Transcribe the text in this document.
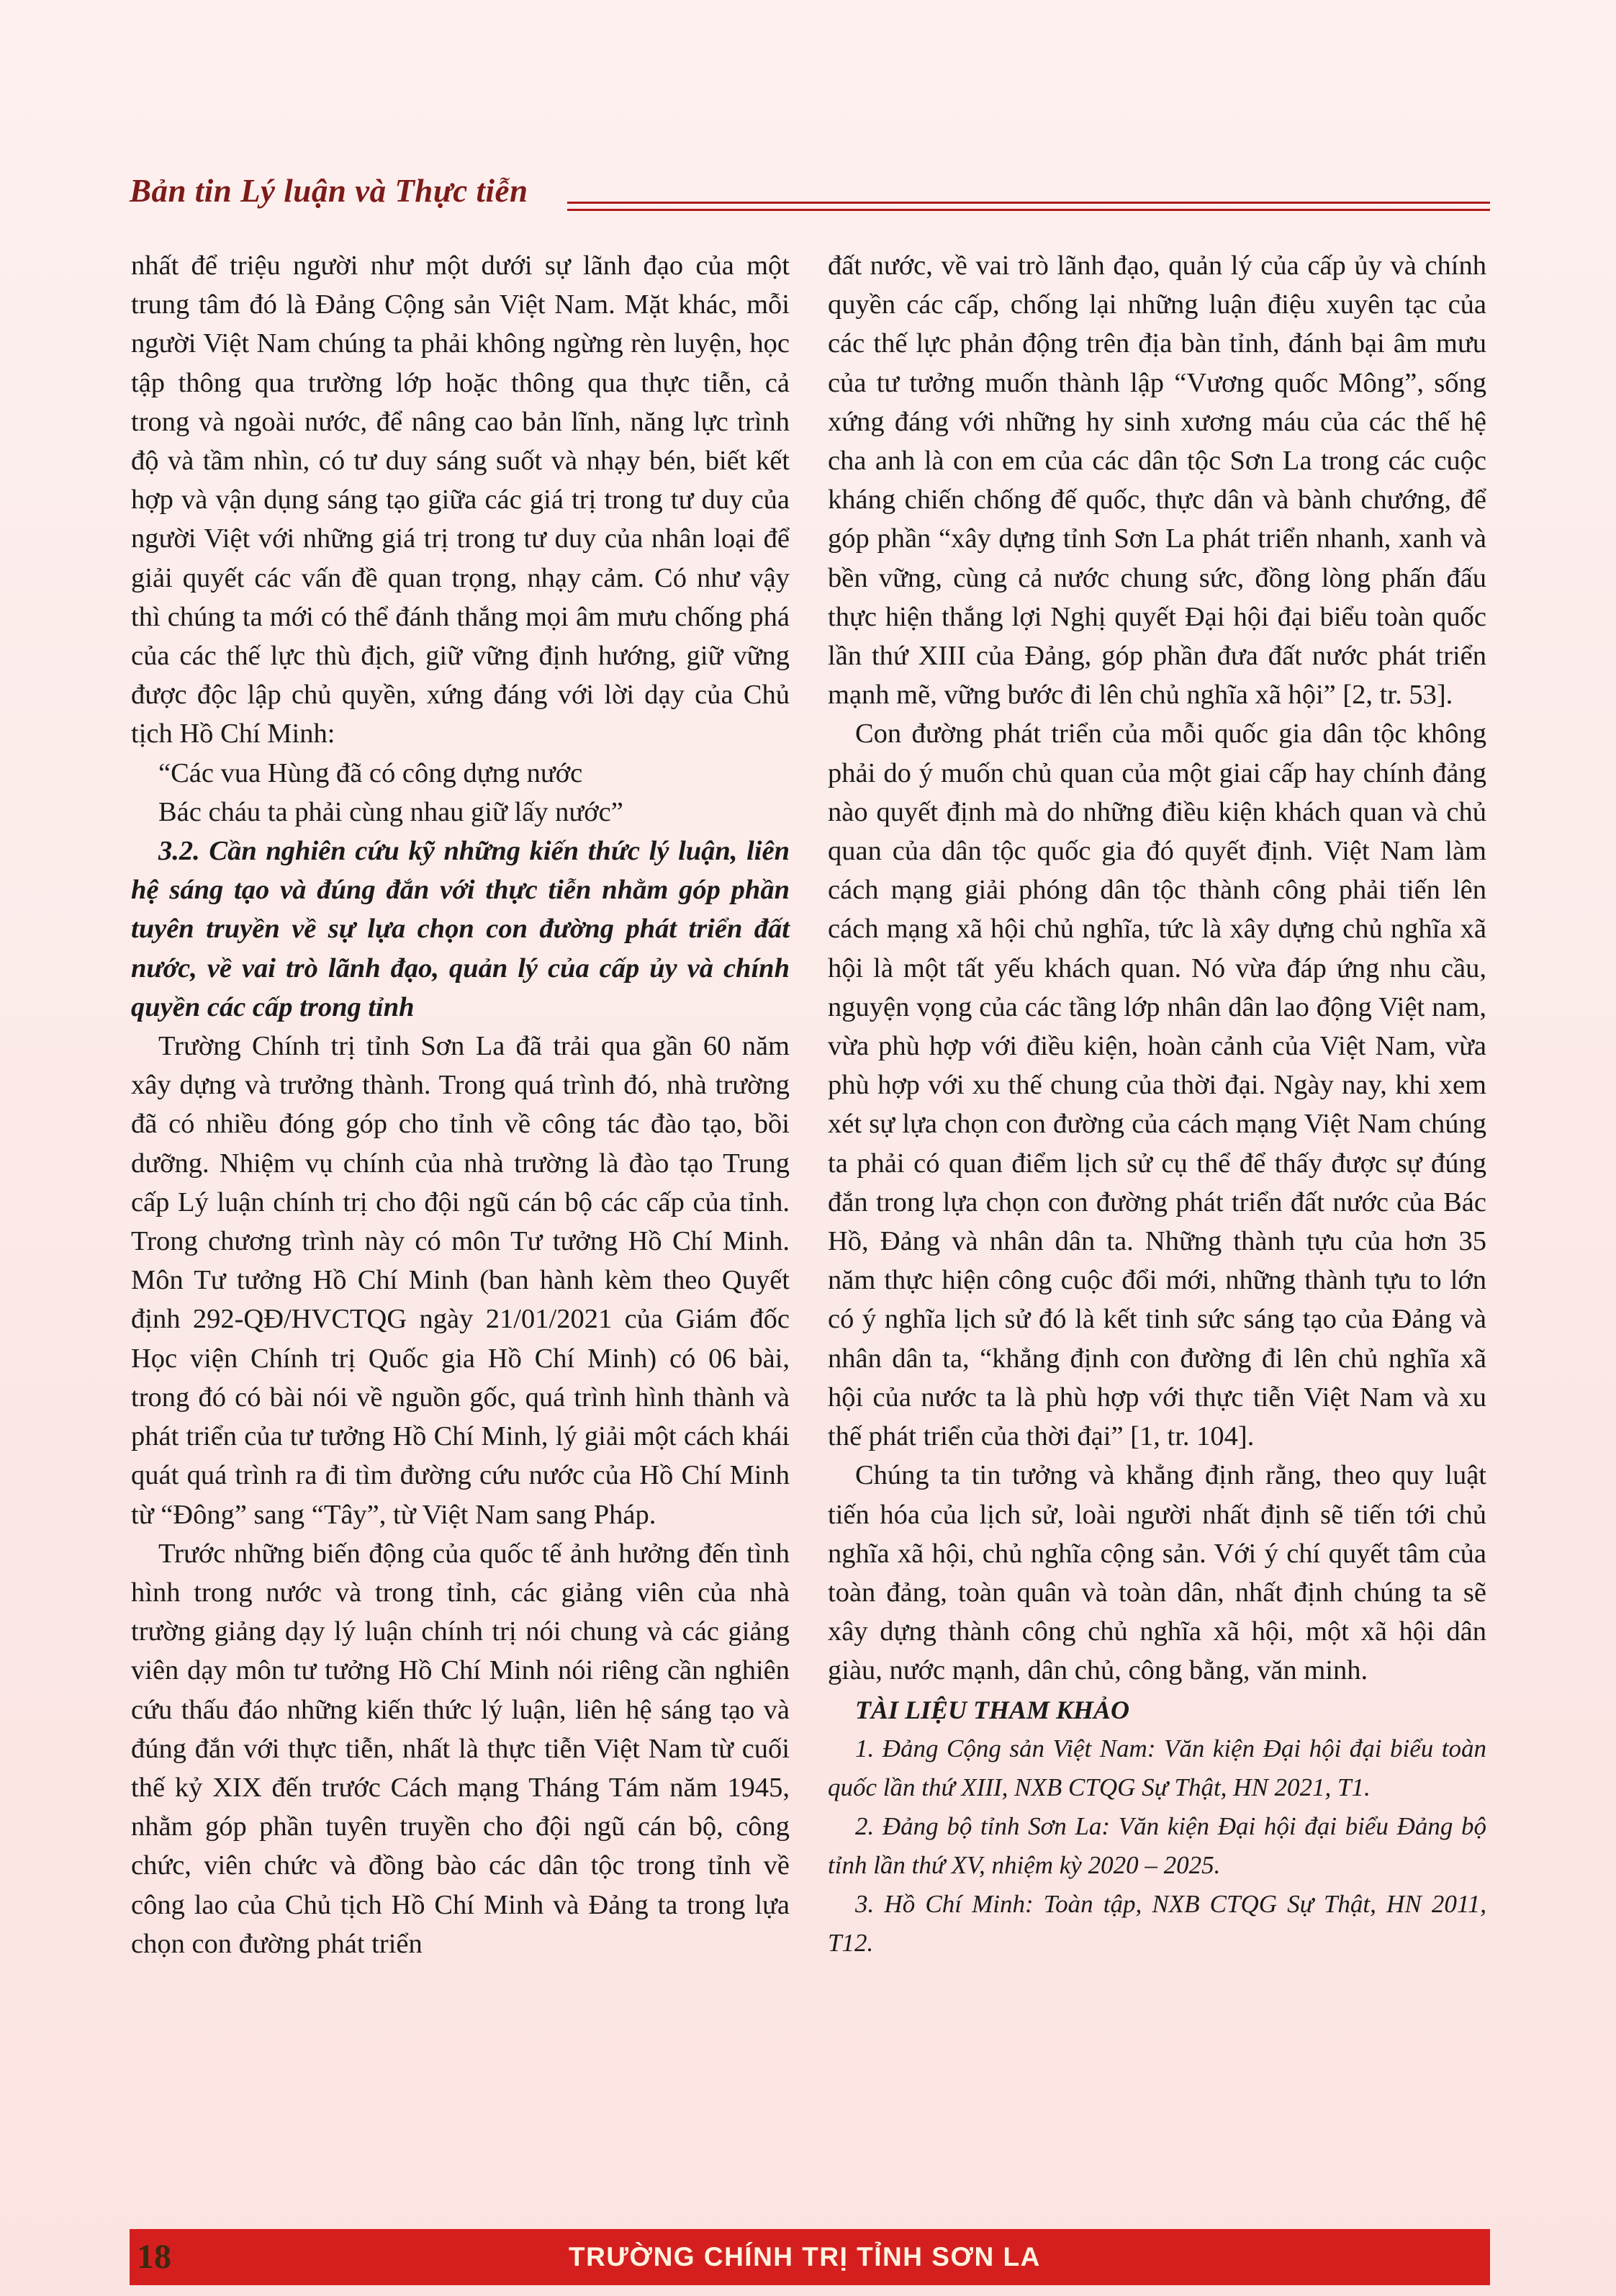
Bản tin Lý luận và Thực tiễn

nhất để triệu người như một dưới sự lãnh đạo của một trung tâm đó là Đảng Cộng sản Việt Nam. Mặt khác, mỗi người Việt Nam chúng ta phải không ngừng rèn luyện, học tập thông qua trường lớp hoặc thông qua thực tiễn, cả trong và ngoài nước, để nâng cao bản lĩnh, năng lực trình độ và tầm nhìn, có tư duy sáng suốt và nhạy bén, biết kết hợp và vận dụng sáng tạo giữa các giá trị trong tư duy của người Việt với những giá trị trong tư duy của nhân loại để giải quyết các vấn đề quan trọng, nhạy cảm. Có như vậy thì chúng ta mới có thể đánh thắng mọi âm mưu chống phá của các thế lực thù địch, giữ vững định hướng, giữ vững được độc lập chủ quyền, xứng đáng với lời dạy của Chủ tịch Hồ Chí Minh:

“Các vua Hùng đã có công dựng nước

Bác cháu ta phải cùng nhau giữ lấy nước”

3.2. Cần nghiên cứu kỹ những kiến thức lý luận, liên hệ sáng tạo và đúng đắn với thực tiễn nhằm góp phần tuyên truyền về sự lựa chọn con đường phát triển đất nước, về vai trò lãnh đạo, quản lý của cấp ủy và chính quyền các cấp trong tỉnh

Trường Chính trị tỉnh Sơn La đã trải qua gần 60 năm xây dựng và trưởng thành. Trong quá trình đó, nhà trường đã có nhiều đóng góp cho tỉnh về công tác đào tạo, bồi dưỡng. Nhiệm vụ chính của nhà trường là đào tạo Trung cấp Lý luận chính trị cho đội ngũ cán bộ các cấp của tỉnh. Trong chương trình này có môn Tư tưởng Hồ Chí Minh. Môn Tư tưởng Hồ Chí Minh (ban hành kèm theo Quyết định 292-QĐ/HVCTQG ngày 21/01/2021 của Giám đốc Học viện Chính trị Quốc gia Hồ Chí Minh) có 06 bài, trong đó có bài nói về nguồn gốc, quá trình hình thành và phát triển của tư tưởng Hồ Chí Minh, lý giải một cách khái quát quá trình ra đi tìm đường cứu nước của Hồ Chí Minh từ “Đông” sang “Tây”, từ Việt Nam sang Pháp.

Trước những biến động của quốc tế ảnh hưởng đến tình hình trong nước và trong tỉnh, các giảng viên của nhà trường giảng dạy lý luận chính trị nói chung và các giảng viên dạy môn tư tưởng Hồ Chí Minh nói riêng cần nghiên cứu thấu đáo những kiến thức lý luận, liên hệ sáng tạo và đúng đắn với thực tiễn, nhất là thực tiễn Việt Nam từ cuối thế kỷ XIX đến trước Cách mạng Tháng Tám năm 1945, nhằm góp phần tuyên truyền cho đội ngũ cán bộ, công chức, viên chức và đồng bào các dân tộc trong tỉnh về công lao của Chủ tịch Hồ Chí Minh và Đảng ta trong lựa chọn con đường phát triển

đất nước, về vai trò lãnh đạo, quản lý của cấp ủy và chính quyền các cấp, chống lại những luận điệu xuyên tạc của các thế lực phản động trên địa bàn tỉnh, đánh bại âm mưu của tư tưởng muốn thành lập “Vương quốc Mông”, sống xứng đáng với những hy sinh xương máu của các thế hệ cha anh là con em của các dân tộc Sơn La trong các cuộc kháng chiến chống đế quốc, thực dân và bành chướng, để góp phần “xây dựng tỉnh Sơn La phát triển nhanh, xanh và bền vững, cùng cả nước chung sức, đồng lòng phấn đấu thực hiện thắng lợi Nghị quyết Đại hội đại biểu toàn quốc lần thứ XIII của Đảng, góp phần đưa đất nước phát triển mạnh mẽ, vững bước đi lên chủ nghĩa xã hội” [2, tr. 53].

Con đường phát triển của mỗi quốc gia dân tộc không phải do ý muốn chủ quan của một giai cấp hay chính đảng nào quyết định mà do những điều kiện khách quan và chủ quan của dân tộc quốc gia đó quyết định. Việt Nam làm cách mạng giải phóng dân tộc thành công phải tiến lên cách mạng xã hội chủ nghĩa, tức là xây dựng chủ nghĩa xã hội là một tất yếu khách quan. Nó vừa đáp ứng nhu cầu, nguyện vọng của các tầng lớp nhân dân lao động Việt nam, vừa phù hợp với điều kiện, hoàn cảnh của Việt Nam, vừa phù hợp với xu thế chung của thời đại. Ngày nay, khi xem xét sự lựa chọn con đường của cách mạng Việt Nam chúng ta phải có quan điểm lịch sử cụ thể để thấy được sự đúng đắn trong lựa chọn con đường phát triển đất nước của Bác Hồ, Đảng và nhân dân ta. Những thành tựu của hơn 35 năm thực hiện công cuộc đổi mới, những thành tựu to lớn có ý nghĩa lịch sử đó là kết tinh sức sáng tạo của Đảng và nhân dân ta, “khẳng định con đường đi lên chủ nghĩa xã hội của nước ta là phù hợp với thực tiễn Việt Nam và xu thế phát triển của thời đại” [1, tr. 104].

Chúng ta tin tưởng và khẳng định rằng, theo quy luật tiến hóa của lịch sử, loài người nhất định sẽ tiến tới chủ nghĩa xã hội, chủ nghĩa cộng sản. Với ý chí quyết tâm của toàn đảng, toàn quân và toàn dân, nhất định chúng ta sẽ xây dựng thành công chủ nghĩa xã hội, một xã hội dân giàu, nước mạnh, dân chủ, công bằng, văn minh.

TÀI LIỆU THAM KHẢO

1. Đảng Cộng sản Việt Nam: Văn kiện Đại hội đại biểu toàn quốc lần thứ XIII, NXB CTQG Sự Thật, HN 2021, T1.

2. Đảng bộ tỉnh Sơn La: Văn kiện Đại hội đại biểu Đảng bộ tỉnh lần thứ XV, nhiệm kỳ 2020 – 2025.

3. Hồ Chí Minh: Toàn tập, NXB CTQG Sự Thật, HN 2011, T12.

18	TRƯỜNG CHÍNH TRỊ TỈNH SƠN LA
